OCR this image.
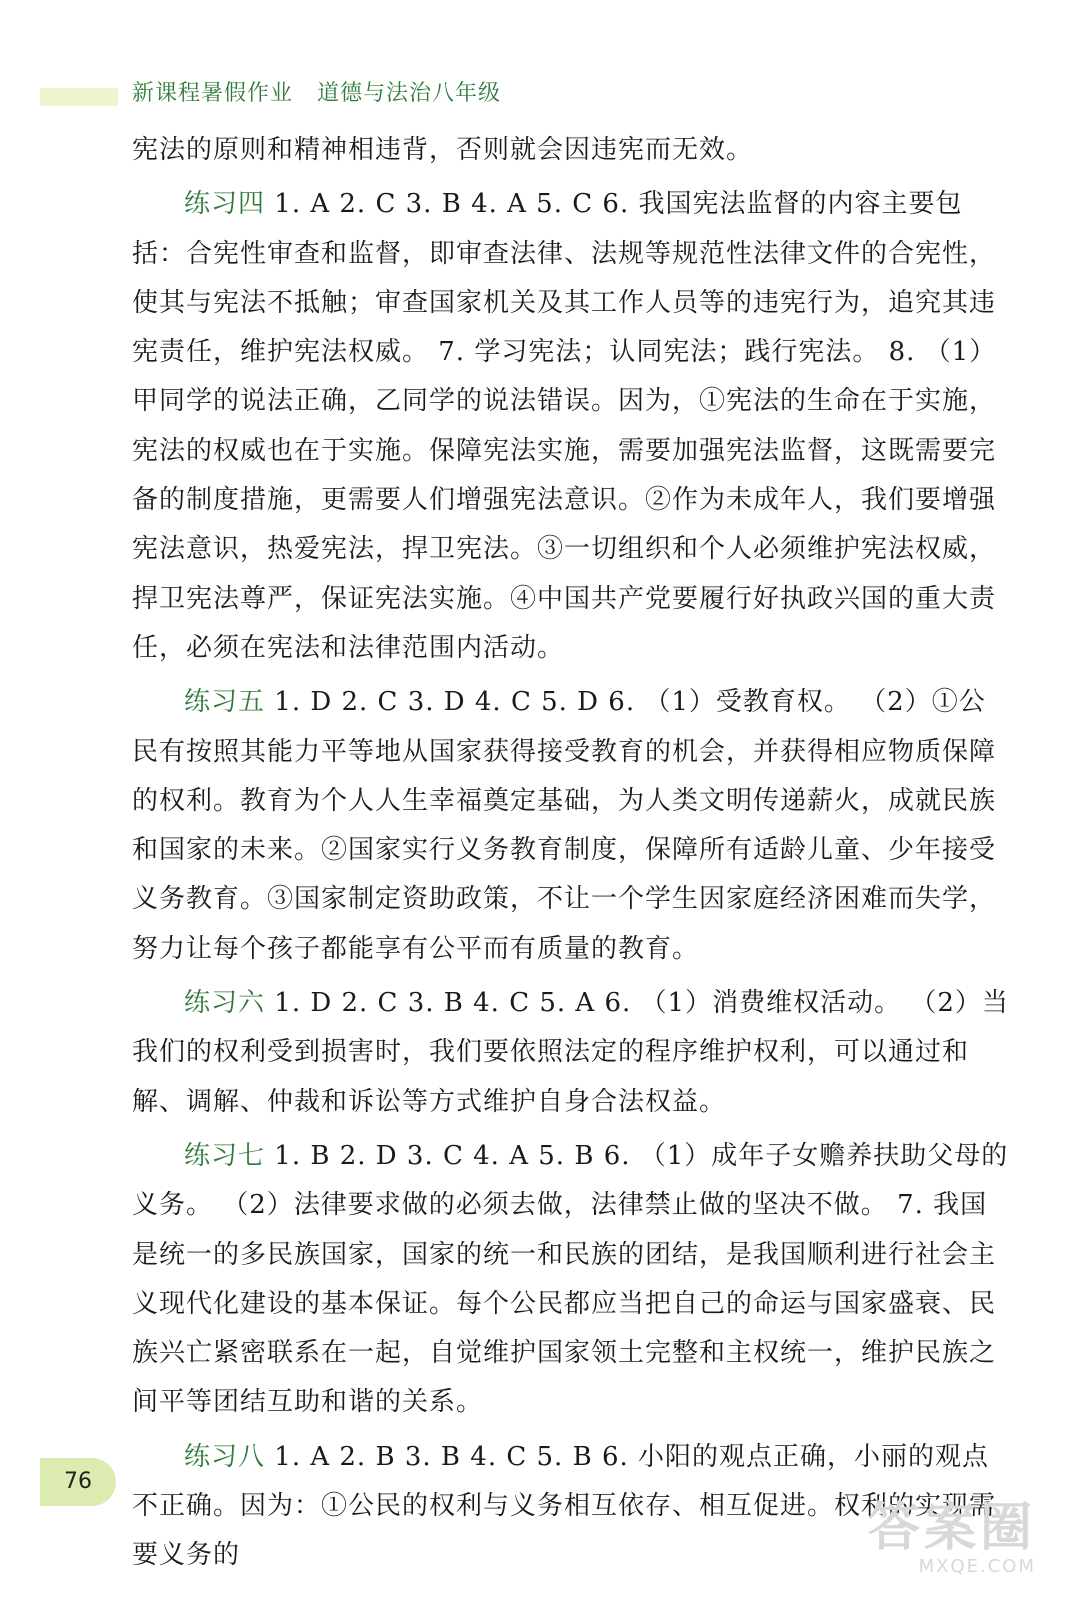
新课程暑假作业 道德与法治八年级

宪法的原则和精神相违背，否则就会因违宪而无效。

练习四 1. A 2. C 3. B 4. A 5. C 6. 我国宪法监督的内容主要包括：合宪性审查和监督，即审查法律、法规等规范性法律文件的合宪性，使其与宪法不抵触；审查国家机关及其工作人员等的违宪行为，追究其违宪责任，维护宪法权威。 7. 学习宪法；认同宪法；践行宪法。 8. （1）甲同学的说法正确，乙同学的说法错误。因为，①宪法的生命在于实施，宪法的权威也在于实施。保障宪法实施，需要加强宪法监督，这既需要完备的制度措施，更需要人们增强宪法意识。②作为未成年人，我们要增强宪法意识，热爱宪法，捍卫宪法。③一切组织和个人必须维护宪法权威，捍卫宪法尊严，保证宪法实施。④中国共产党要履行好执政兴国的重大责任，必须在宪法和法律范围内活动。

练习五 1. D 2. C 3. D 4. C 5. D 6. （1）受教育权。 （2）①公民有按照其能力平等地从国家获得接受教育的机会，并获得相应物质保障的权利。教育为个人人生幸福奠定基础，为人类文明传递薪火，成就民族和国家的未来。②国家实行义务教育制度，保障所有适龄儿童、少年接受义务教育。③国家制定资助政策，不让一个学生因家庭经济困难而失学，努力让每个孩子都能享有公平而有质量的教育。

练习六 1. D 2. C 3. B 4. C 5. A 6. （1）消费维权活动。 （2）当我们的权利受到损害时，我们要依照法定的程序维护权利，可以通过和解、调解、仲裁和诉讼等方式维护自身合法权益。

练习七 1. B 2. D 3. C 4. A 5. B 6. （1）成年子女赡养扶助父母的义务。 （2）法律要求做的必须去做，法律禁止做的坚决不做。 7. 我国是统一的多民族国家，国家的统一和民族的团结，是我国顺利进行社会主义现代化建设的基本保证。每个公民都应当把自己的命运与国家盛衰、民族兴亡紧密联系在一起，自觉维护国家领土完整和主权统一，维护民族之间平等团结互助和谐的关系。

练习八 1. A 2. B 3. B 4. C 5. B 6. 小阳的观点正确，小丽的观点不正确。因为：①公民的权利与义务相互依存、相互促进。权利的实现需要义务的

76
答案圈
MXQE.COM
